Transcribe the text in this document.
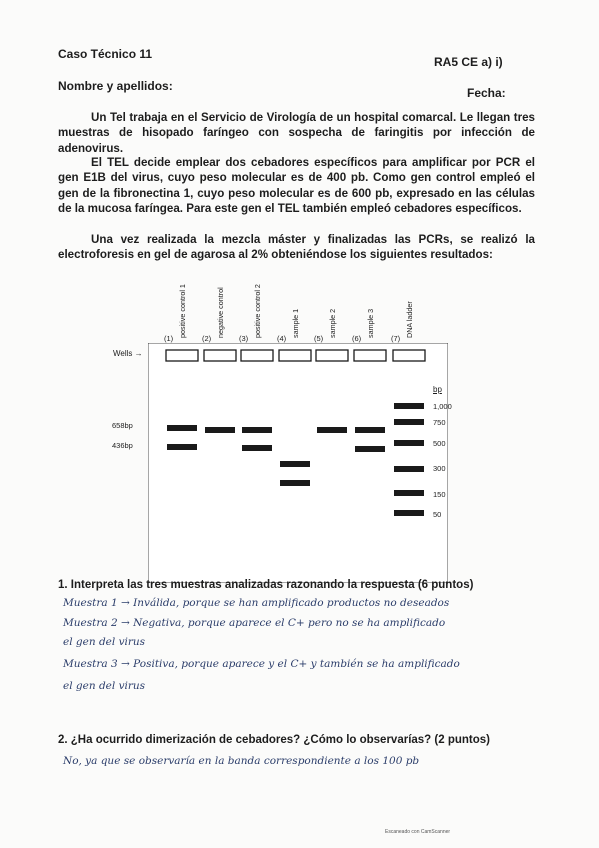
Caso Técnico 11
RA5 CE a) i)
Nombre y apellidos:	Fecha:
Un Tel trabaja en el Servicio de Virología de un hospital comarcal. Le llegan tres muestras de hisopado faríngeo con sospecha de faringitis por infección de adenovirus.
El TEL decide emplear dos cebadores específicos para amplificar por PCR el gen E1B del virus, cuyo peso molecular es de 400 pb. Como gen control empleó el gen de la fibronectina 1, cuyo peso molecular es de 600 pb, expresado en las células de la mucosa faríngea. Para este gen el TEL también empleó cebadores específicos.
Una vez realizada la mezcla máster y finalizadas las PCRs, se realizó la electroforesis en gel de agarosa al 2% obteniéndose los siguientes resultados:
(1)
positive control 1
(2)
negative control
(3)
positive control 2
(4)
sample 1
(5)
sample 2
(6)
sample 3
(7)
DNA ladder
Wells →
658bp
436bp
bp
1,000
750
500
300
150
50
1. Interpreta las tres muestras analizadas razonando la respuesta (6 puntos)
Muestra 1 → Inválida, porque se han amplificado productos no deseados
Muestra 2 → Negativa, porque aparece el C+ pero no se ha amplificado
el gen del virus
Muestra 3 → Positiva, porque aparece y el C+ y también se ha amplificado
el gen del virus
2. ¿Ha ocurrido dimerización de cebadores? ¿Cómo lo observarías? (2 puntos)
No, ya que se observaría en la banda correspondiente a los 100 pb
Escaneado con CamScanner
